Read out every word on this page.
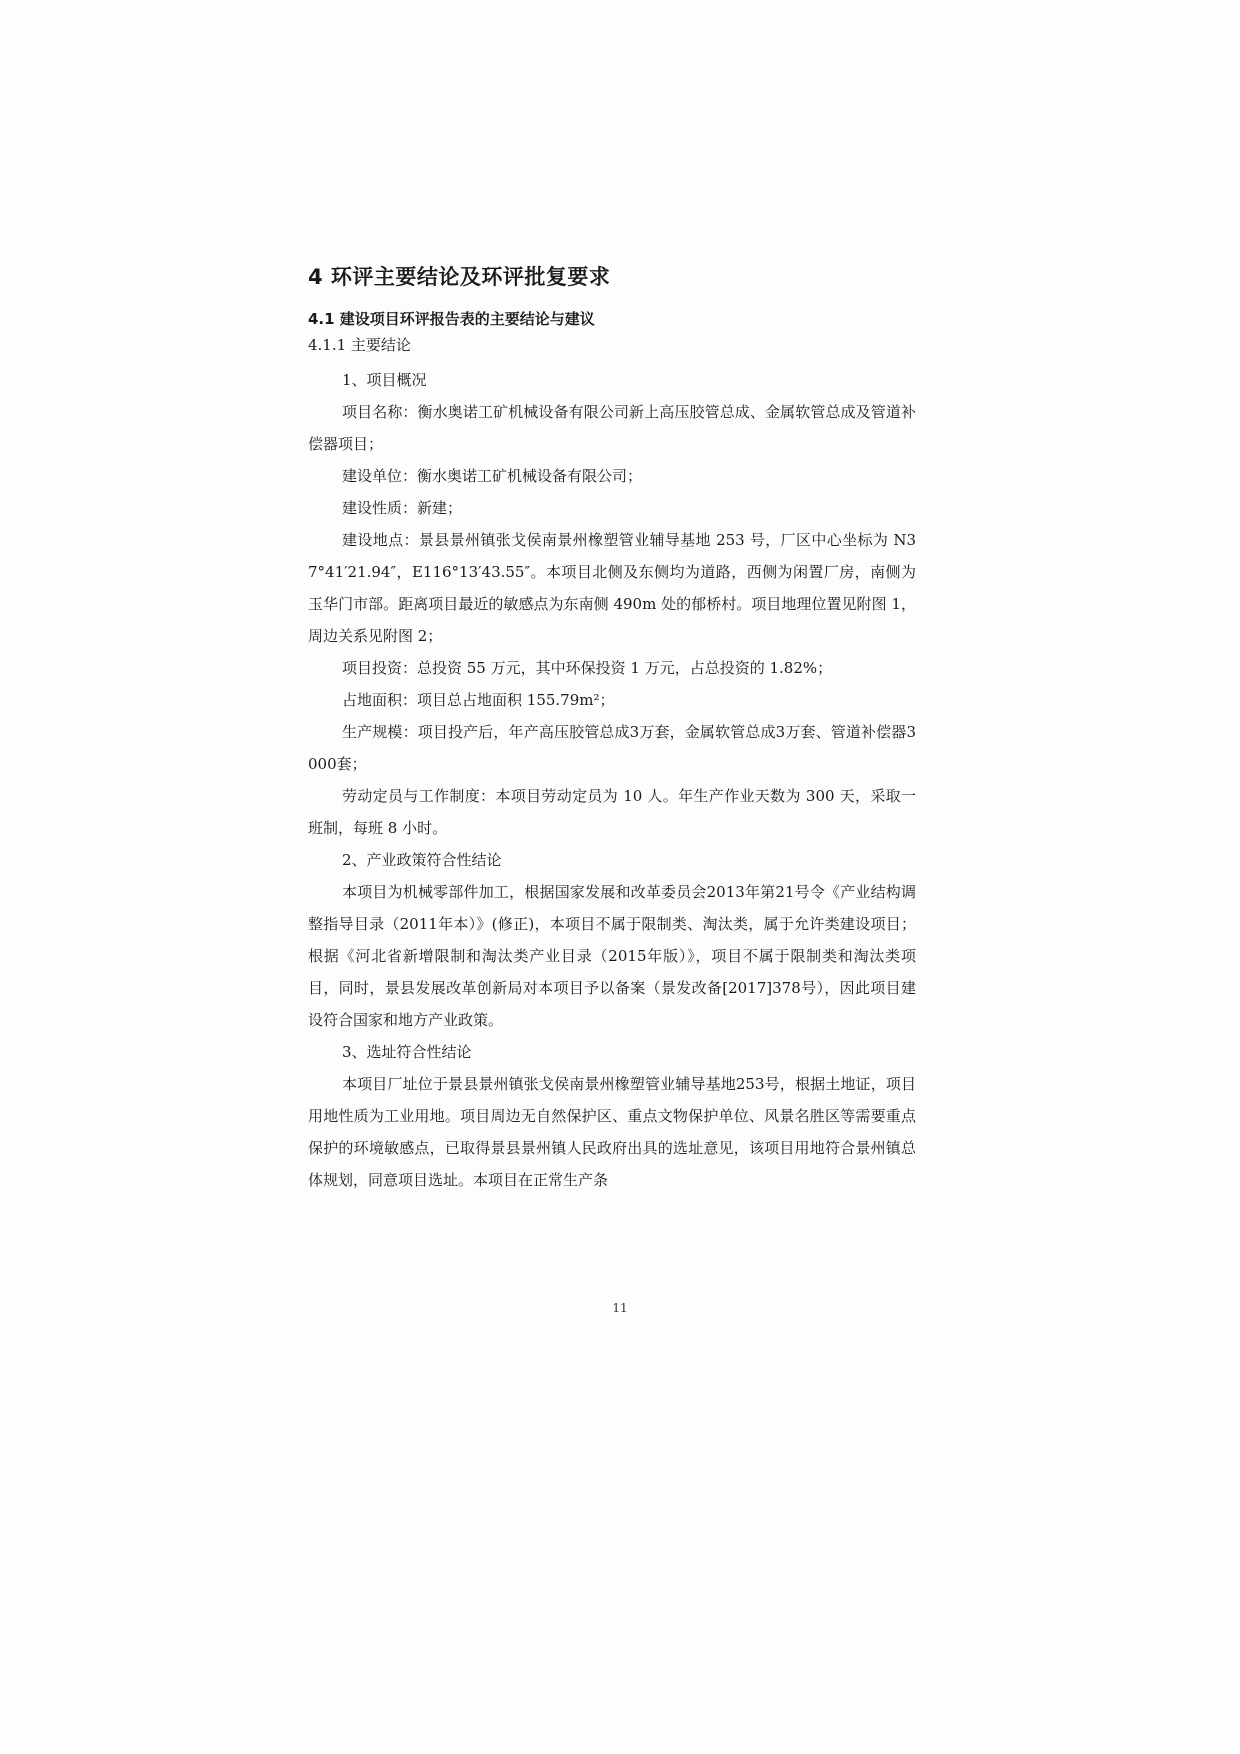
4 环评主要结论及环评批复要求
4.1 建设项目环评报告表的主要结论与建议
4.1.1 主要结论

1、项目概况

项目名称：衡水奥诺工矿机械设备有限公司新上高压胶管总成、金属软管总成及管道补偿器项目；

建设单位：衡水奥诺工矿机械设备有限公司；

建设性质：新建；

建设地点：景县景州镇张戈侯南景州橡塑管业辅导基地 253 号，厂区中心坐标为 N37°41′21.94″，E116°13′43.55″。本项目北侧及东侧均为道路，西侧为闲置厂房，南侧为玉华门市部。距离项目最近的敏感点为东南侧 490m 处的郁桥村。项目地理位置见附图 1，周边关系见附图 2；

项目投资：总投资 55 万元，其中环保投资 1 万元，占总投资的 1.82%；

占地面积：项目总占地面积 155.79m²；

生产规模：项目投产后，年产高压胶管总成3万套，金属软管总成3万套、管道补偿器3000套；

劳动定员与工作制度：本项目劳动定员为 10 人。年生产作业天数为 300 天，采取一班制，每班 8 小时。

2、产业政策符合性结论

本项目为机械零部件加工，根据国家发展和改革委员会2013年第21号令《产业结构调整指导目录（2011年本）》(修正)，本项目不属于限制类、淘汰类，属于允许类建设项目；根据《河北省新增限制和淘汰类产业目录（2015年版）》，项目不属于限制类和淘汰类项目，同时，景县发展改革创新局对本项目予以备案（景发改备[2017]378号），因此项目建设符合国家和地方产业政策。

3、选址符合性结论

本项目厂址位于景县景州镇张戈侯南景州橡塑管业辅导基地253号，根据土地证，项目用地性质为工业用地。项目周边无自然保护区、重点文物保护单位、风景名胜区等需要重点保护的环境敏感点，已取得景县景州镇人民政府出具的选址意见，该项目用地符合景州镇总体规划，同意项目选址。本项目在正常生产条

11
